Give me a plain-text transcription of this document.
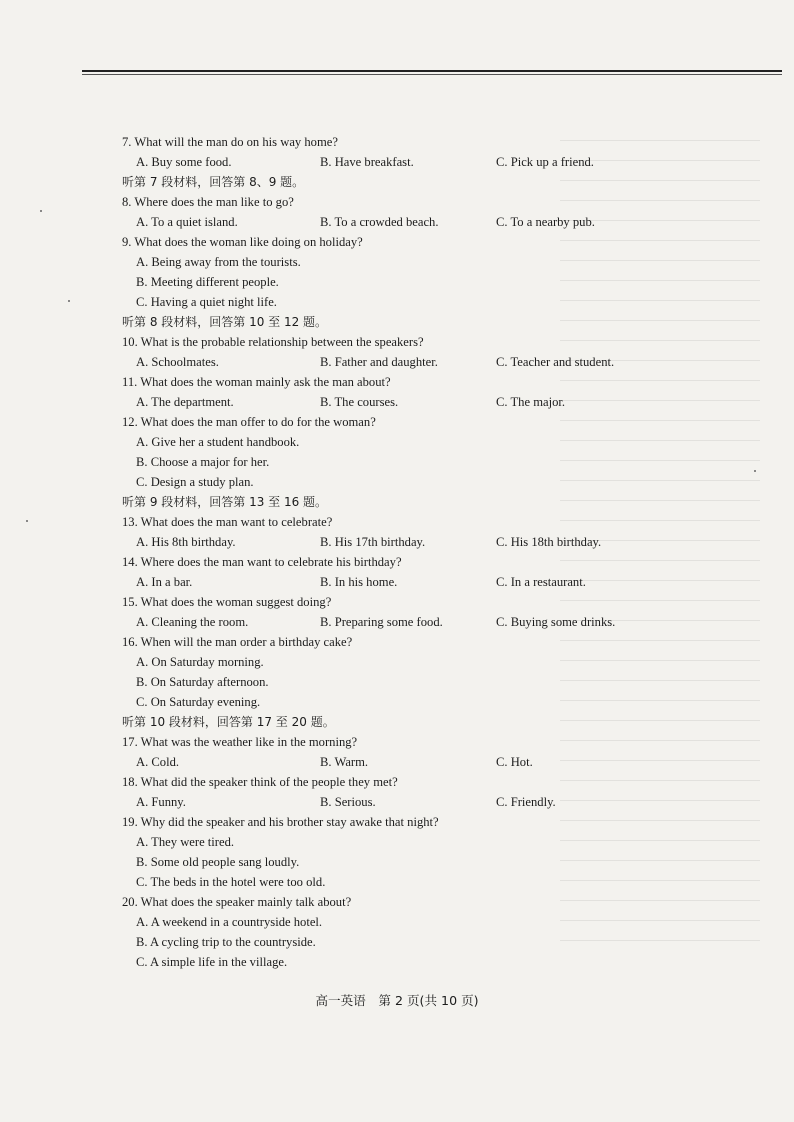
7. What will the man do on his way home?
A. Buy some food.	B. Have breakfast.	C. Pick up a friend.
听第 7 段材料，回答第 8、9 题。
8. Where does the man like to go?
A. To a quiet island.	B. To a crowded beach.	C. To a nearby pub.
9. What does the woman like doing on holiday?
A. Being away from the tourists.
B. Meeting different people.
C. Having a quiet night life.
听第 8 段材料，回答第 10 至 12 题。
10. What is the probable relationship between the speakers?
A. Schoolmates.	B. Father and daughter.	C. Teacher and student.
11. What does the woman mainly ask the man about?
A. The department.	B. The courses.	C. The major.
12. What does the man offer to do for the woman?
A. Give her a student handbook.
B. Choose a major for her.
C. Design a study plan.
听第 9 段材料，回答第 13 至 16 题。
13. What does the man want to celebrate?
A. His 8th birthday.	B. His 17th birthday.	C. His 18th birthday.
14. Where does the man want to celebrate his birthday?
A. In a bar.	B. In his home.	C. In a restaurant.
15. What does the woman suggest doing?
A. Cleaning the room.	B. Preparing some food.	C. Buying some drinks.
16. When will the man order a birthday cake?
A. On Saturday morning.
B. On Saturday afternoon.
C. On Saturday evening.
听第 10 段材料，回答第 17 至 20 题。
17. What was the weather like in the morning?
A. Cold.	B. Warm.	C. Hot.
18. What did the speaker think of the people they met?
A. Funny.	B. Serious.	C. Friendly.
19. Why did the speaker and his brother stay awake that night?
A. They were tired.
B. Some old people sang loudly.
C. The beds in the hotel were too old.
20. What does the speaker mainly talk about?
A. A weekend in a countryside hotel.
B. A cycling trip to the countryside.
C. A simple life in the village.
高一英语　第 2 页(共 10 页)
